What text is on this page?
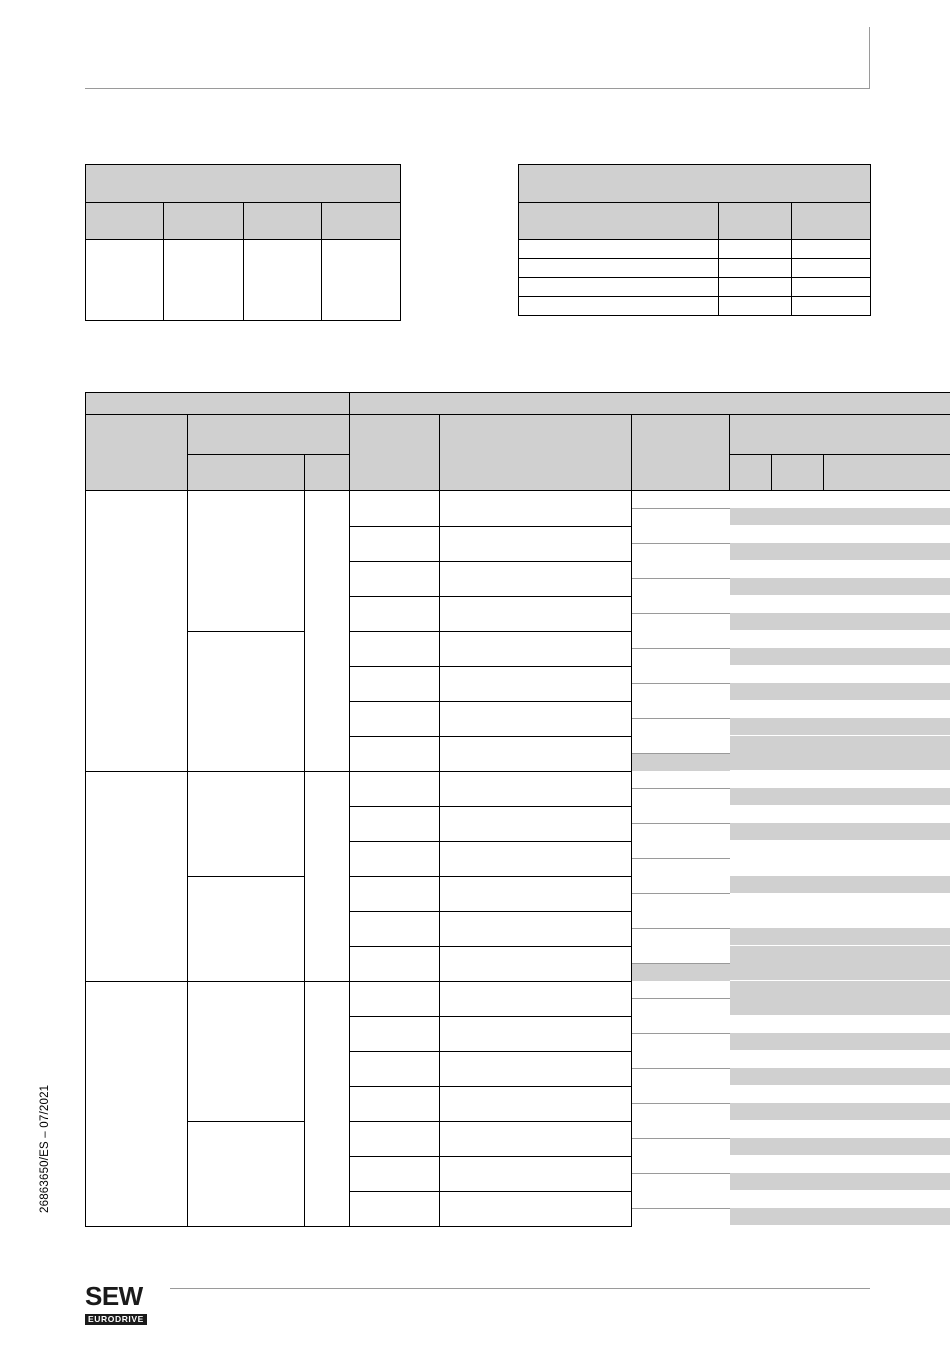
26863650/ES – 07/2021
SEW
EURODRIVE
